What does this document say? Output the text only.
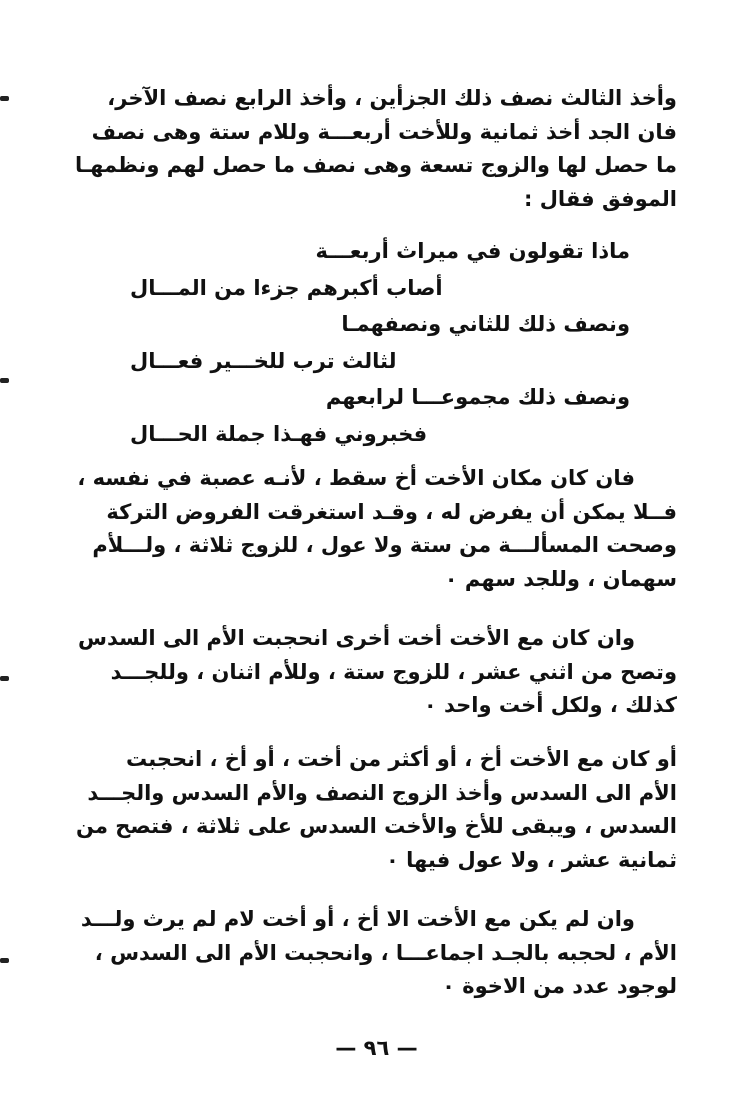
وأخذ الثالث نصف ذلك الجزأين ، وأخذ الرابع نصف الآخر،
فان الجد أخذ ثمانية وللأخت أربعـــة وللام ستة وهى نصف
ما حصل لها والزوج تسعة وهى نصف ما حصل لهم ونظمهـا
الموفق فقال :
ماذا تقولون في ميراث أربعـــة
أصاب أكبرهم جزءا من المـــال
ونصف ذلك للثاني ونصفهمـا
لثالث ترب للخـــير فعـــال
ونصف ذلك مجموعـــا لرابعهم
فخبروني فهـذا جملة الحـــال
فان كان مكان الأخت أخ سقط ، لأنـه عصبة في نفسه ،
فــلا يمكن أن يفرض له ، وقـد استغرقت الفروض التركة
وصحت المسألـــة من ستة ولا عول ، للزوج ثلاثة ، ولـــلأم
سهمان ، وللجد سهم ٠
وان كان مع الأخت أخت أخرى انحجبت الأم الى السدس
وتصح من اثني عشر ، للزوج ستة ، وللأم اثنان ، وللجـــد
كذلك ، ولكل أخت واحد ٠
أو كان مع الأخت أخ ، أو أكثر من أخت ، أو أخ ، انحجبت
الأم الى السدس وأخذ الزوج النصف والأم السدس والجـــد
السدس ، ويبقى للأخ والأخت السدس على ثلاثة ، فتصح من
ثمانية عشر ، ولا عول فيها ٠
وان لم يكن مع الأخت الا أخ ، أو أخت لام لم يرث ولـــد
الأم ، لحجبه بالجـد اجماعـــا ، وانحجبت الأم الى السدس ،
لوجود عدد من الاخوة ٠
— ٩٦ —
